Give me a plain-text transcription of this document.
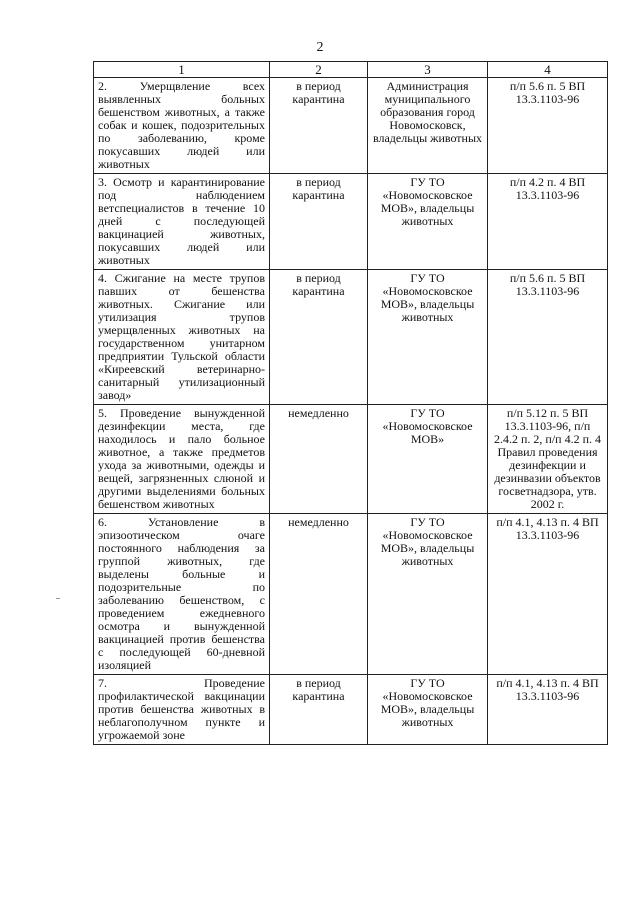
2
1	2	3	4
2. Умерщвление всех выявленных больных бешенством животных, а также собак и кошек, подозрительных по заболеванию, кроме покусавших людей или животных	в период карантина	Администрация муниципального образования город Новомосковск, владельцы животных	п/п 5.6 п. 5 ВП 13.3.1103-96
3. Осмотр и карантинирование под наблюдением ветспециалистов в течение 10 дней с последующей вакцинацией животных, покусавших людей или животных	в период карантина	ГУ ТО «Новомосковское МОВ», владельцы животных	п/п 4.2 п. 4 ВП 13.3.1103-96
4. Сжигание на месте трупов павших от бешенства животных. Сжигание или утилизация трупов умерщвленных животных на государственном унитарном предприятии Тульской области «Киреевский ветеринарно-санитарный утилизационный завод»	в период карантина	ГУ ТО «Новомосковское МОВ», владельцы животных	п/п 5.6 п. 5 ВП 13.3.1103-96
5. Проведение вынужденной дезинфекции места, где находилось и пало больное животное, а также предметов ухода за животными, одежды и вещей, загрязненных слюной и другими выделениями больных бешенством животных	немедленно	ГУ ТО «Новомосковское МОВ»	п/п 5.12 п. 5 ВП 13.3.1103-96, п/п 2.4.2 п. 2, п/п 4.2 п. 4 Правил проведения дезинфекции и дезинвазии объектов госветнадзора, утв. 2002 г.
6. Установление в эпизоотическом очаге постоянного наблюдения за группой животных, где выделены больные и подозрительные по заболеванию бешенством, с проведением ежедневного осмотра и вынужденной вакцинацией против бешенства с последующей 60-дневной изоляцией	немедленно	ГУ ТО «Новомосковское МОВ», владельцы животных	п/п 4.1, 4.13 п. 4 ВП 13.3.1103-96
7. Проведение профилактической вакцинации против бешенства животных в неблагополучном пункте и угрожаемой зоне	в период карантина	ГУ ТО «Новомосковское МОВ», владельцы животных	п/п 4.1, 4.13 п. 4 ВП 13.3.1103-96
